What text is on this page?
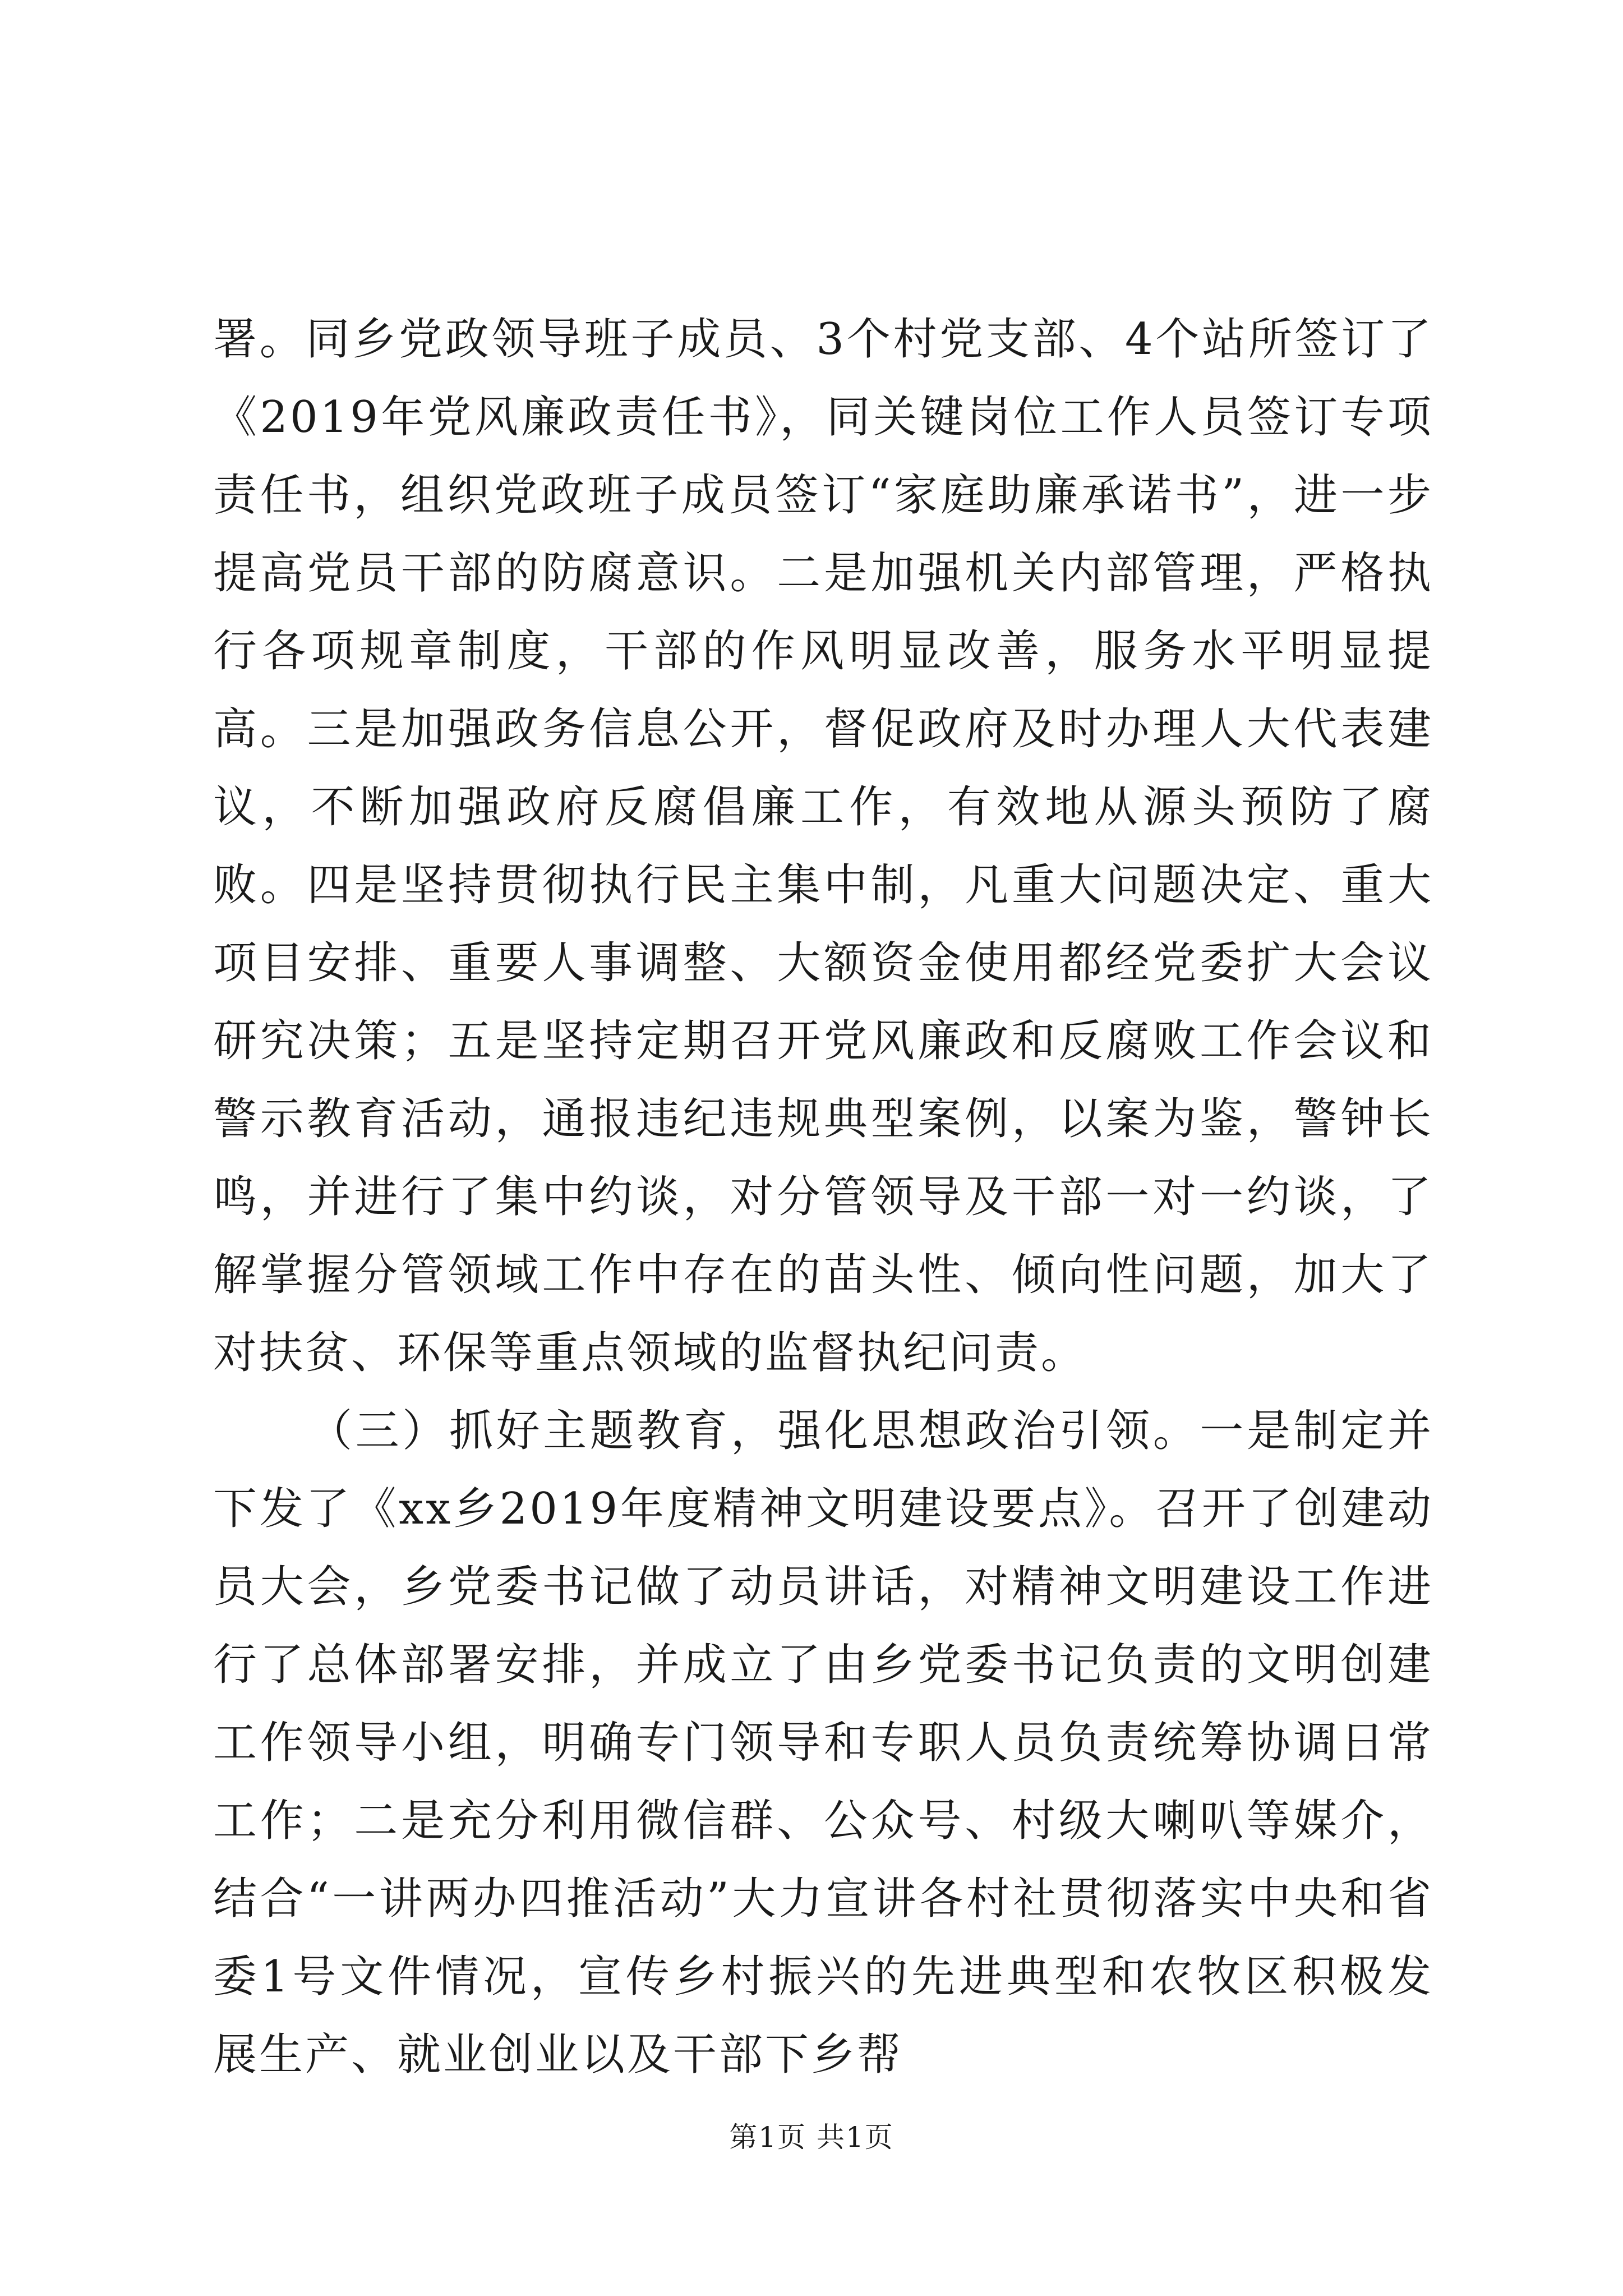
署。同乡党政领导班子成员、3个村党支部、4个站所签订了《2019年党风廉政责任书》，同关键岗位工作人员签订专项责任书，组织党政班子成员签订“家庭助廉承诺书”，进一步提高党员干部的防腐意识。二是加强机关内部管理，严格执行各项规章制度，干部的作风明显改善，服务水平明显提高。三是加强政务信息公开，督促政府及时办理人大代表建议，不断加强政府反腐倡廉工作，有效地从源头预防了腐败。四是坚持贯彻执行民主集中制，凡重大问题决定、重大项目安排、重要人事调整、大额资金使用都经党委扩大会议研究决策；五是坚持定期召开党风廉政和反腐败工作会议和警示教育活动，通报违纪违规典型案例，以案为鉴，警钟长鸣，并进行了集中约谈，对分管领导及干部一对一约谈，了解掌握分管领域工作中存在的苗头性、倾向性问题，加大了对扶贫、环保等重点领域的监督执纪问责。

（三）抓好主题教育，强化思想政治引领。一是制定并下发了《xx乡2019年度精神文明建设要点》。召开了创建动员大会，乡党委书记做了动员讲话，对精神文明建设工作进行了总体部署安排，并成立了由乡党委书记负责的文明创建工作领导小组，明确专门领导和专职人员负责统筹协调日常工作；二是充分利用微信群、公众号、村级大喇叭等媒介，结合“一讲两办四推活动”大力宣讲各村社贯彻落实中央和省委1号文件情况，宣传乡村振兴的先进典型和农牧区积极发展生产、就业创业以及干部下乡帮

第1页 共1页
